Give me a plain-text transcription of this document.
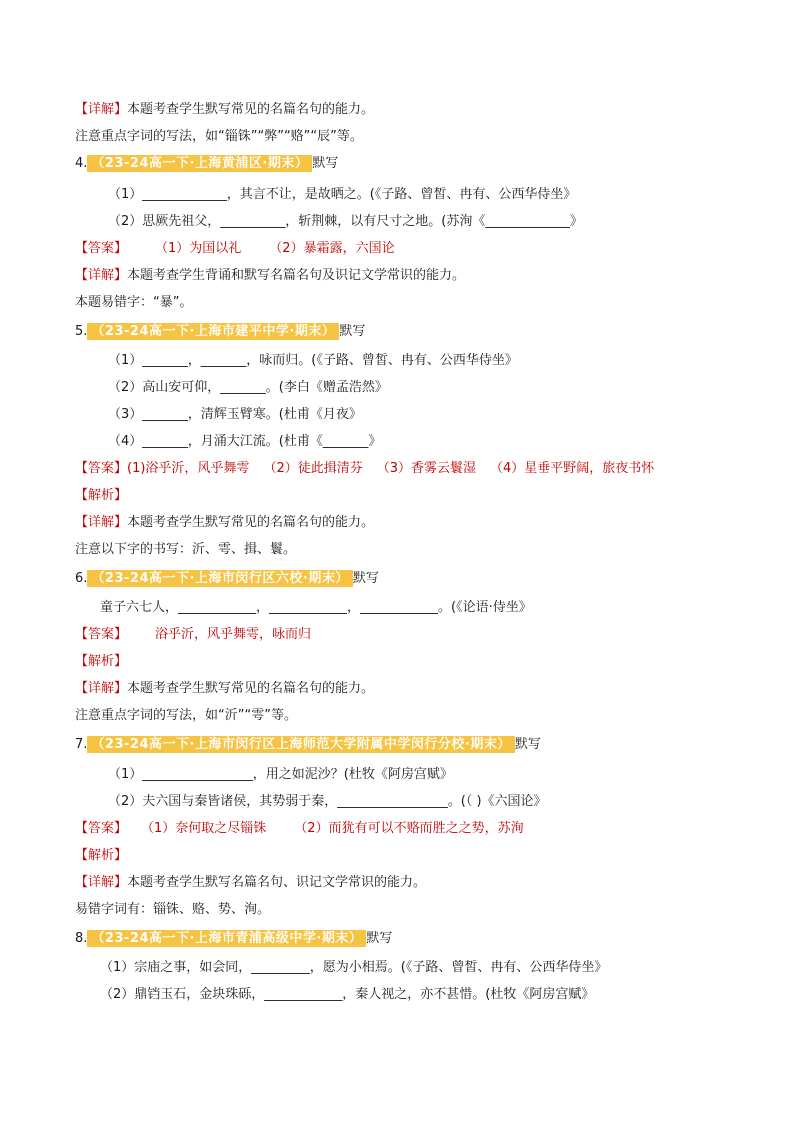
【详解】本题考查学生默写常见的名篇名句的能力。
注意重点字词的写法，如“锱铢”“弊”“赂”“辰”等。
4. （23-24高一下·上海黄浦区·期末） 默写
（1）_____________，其言不让，是故晒之。(《子路、曾皙、冉有、公西华侍坐》
（2）思厥先祖父，__________，斩荆棘，以有尺寸之地。(苏洵《_____________》
【答案】 （1）为国以礼 （2）暴霜露，六国论
【详解】本题考查学生背诵和默写名篇名句及识记文学常识的能力。
本题易错字：“暴”。
5. （23-24高一下·上海市建平中学·期末） 默写
（1）_______，_______，咏而归。(《子路、曾皙、冉有、公西华侍坐》
（2）高山安可仰，_______。(李白《赠孟浩然》
（3）_______，清辉玉臂寒。(杜甫《月夜》
（4）_______，月涌大江流。(杜甫《_______》
【答案】(1)浴乎沂，风乎舞雩 （2）徒此揖清芬 （3）香雾云鬟湿 （4）星垂平野阔，旅夜书怀
【解析】
【详解】本题考查学生默写常见的名篇名句的能力。
注意以下字的书写：沂、雩、揖、鬟。
6. （23-24高一下·上海市闵行区六校·期末） 默写
童子六七人，____________，____________，____________。(《论语·侍坐》
【答案】 浴乎沂，风乎舞雩，咏而归
【解析】
【详解】本题考查学生默写常见的名篇名句的能力。
注意重点字词的写法，如“沂”“雩”等。
7. （23-24高一下·上海市闵行区上海师范大学附属中学闵行分校·期末） 默写
（1）_________________，用之如泥沙？(杜牧《阿房宫赋》
（2）夫六国与秦皆诸侯，其势弱于秦，_________________。(（ )《六国论》
【答案】 （1）奈何取之尽锱铢 （2）而犹有可以不赂而胜之之势，苏洵
【解析】
【详解】本题考查学生默写名篇名句、识记文学常识的能力。
易错字词有：锱铢、赂、势、洵。
8. （23-24高一下·上海市青浦高级中学·期末） 默写
（1）宗庙之事，如会同，_________，愿为小相焉。(《子路、曾皙、冉有、公西华侍坐》
（2）鼎铛玉石，金块珠砾，____________，秦人视之，亦不甚惜。(杜牧《阿房宫赋》
